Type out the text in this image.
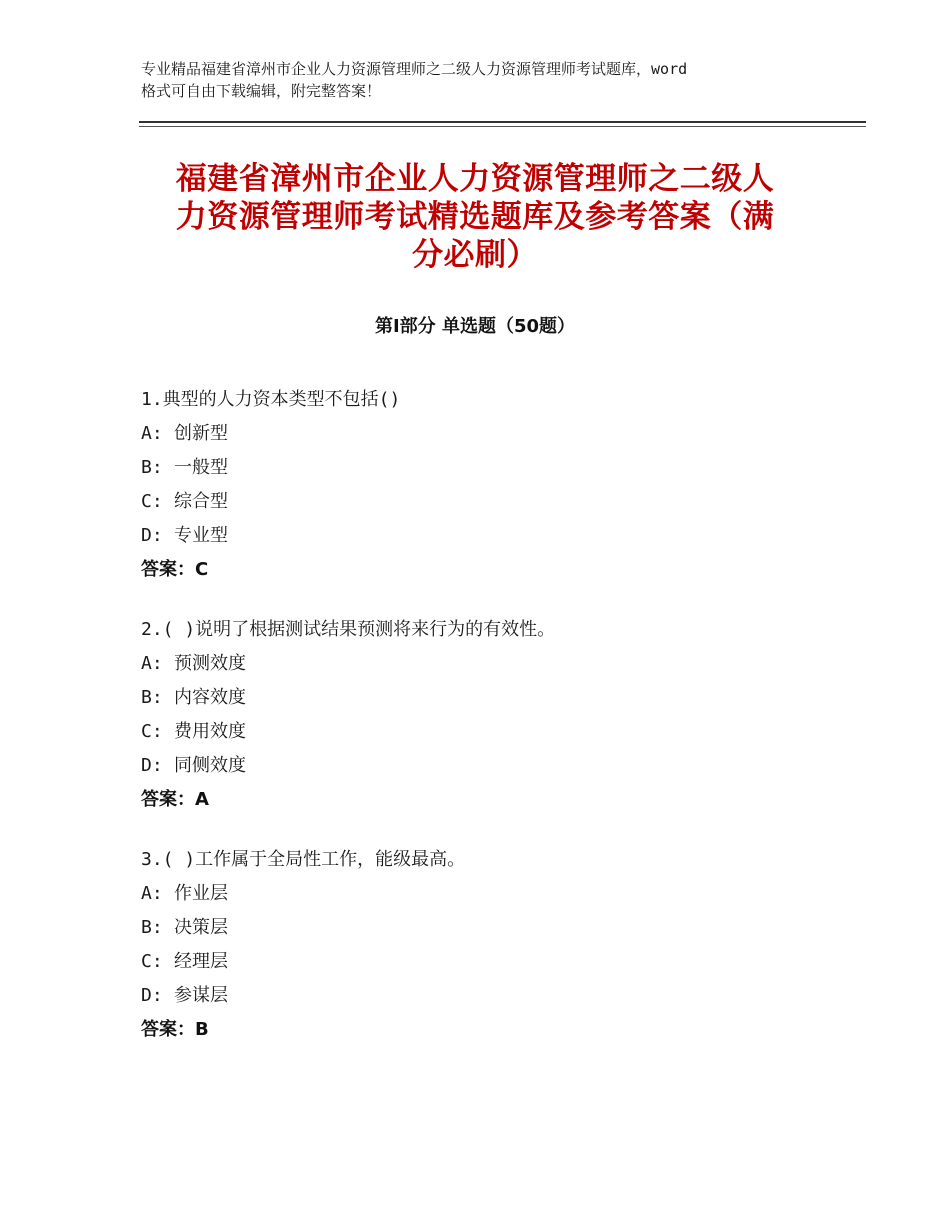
专业精品福建省漳州市企业人力资源管理师之二级人力资源管理师考试题库，word
格式可自由下载编辑，附完整答案！
福建省漳州市企业人力资源管理师之二级人
力资源管理师考试精选题库及参考答案（满
分必刷）
第Ⅰ部分 单选题（50题）
1.典型的人力资本类型不包括()
A: 创新型
B: 一般型
C: 综合型
D: 专业型
答案：C
2.( )说明了根据测试结果预测将来行为的有效性。
A: 预测效度
B: 内容效度
C: 费用效度
D: 同侧效度
答案：A
3.( )工作属于全局性工作，能级最高。
A: 作业层
B: 决策层
C: 经理层
D: 参谋层
答案：B
